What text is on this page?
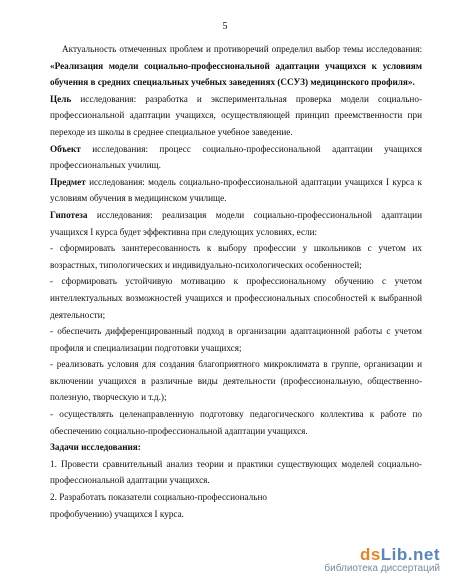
5

Актуальность отмеченных проблем и противоречий определил выбор темы исследования: «Реализация модели социально-профессиональной адаптации учащихся к условиям обучения в средних специальных учебных заведениях (ССУЗ) медицинского профиля».

Цель исследования: разработка и экспериментальная проверка модели социально-профессиональной адаптации учащихся, осуществляющей принцип преемственности при переходе из школы в среднее специальное учебное заведение.

Объект исследования: процесс социально-профессиональной адаптации учащихся профессиональных училищ.

Предмет исследования: модель социально-профессиональной адаптации учащихся I курса к условиям обучения в медицинском училище.

Гипотеза исследования: реализация модели социально-профессиональной адаптации учащихся I курса будет эффективна при следующих условиях, если:

- сформировать заинтересованность к выбору профессии у школьников с учетом их возрастных, типологических и индивидуально-психологических особенностей;

- сформировать устойчивую мотивацию к профессиональному обучению с учетом интеллектуальных возможностей учащихся и профессиональных способностей к выбранной деятельности;

- обеспечить дифференцированный подход в организации адаптационной работы с учетом профиля и специализации подготовки учащихся;

- реализовать условия для создания благоприятного микроклимата в группе, организации и включении учащихся в различные виды деятельности (профессиональную, общественно-полезную, творческую и т.д.);

- осуществлять целенаправленную подготовку педагогического коллектива к работе по обеспечению социально-профессиональной адаптации учащихся.

Задачи исследования:

1. Провести сравнительный анализ теории и практики существующих моделей социально-профессиональной адаптации учащихся.

2. Разработать показатели социально-профессионально

профобучению) учащихся I курса.

dsLib.net
библиотека диссертаций
